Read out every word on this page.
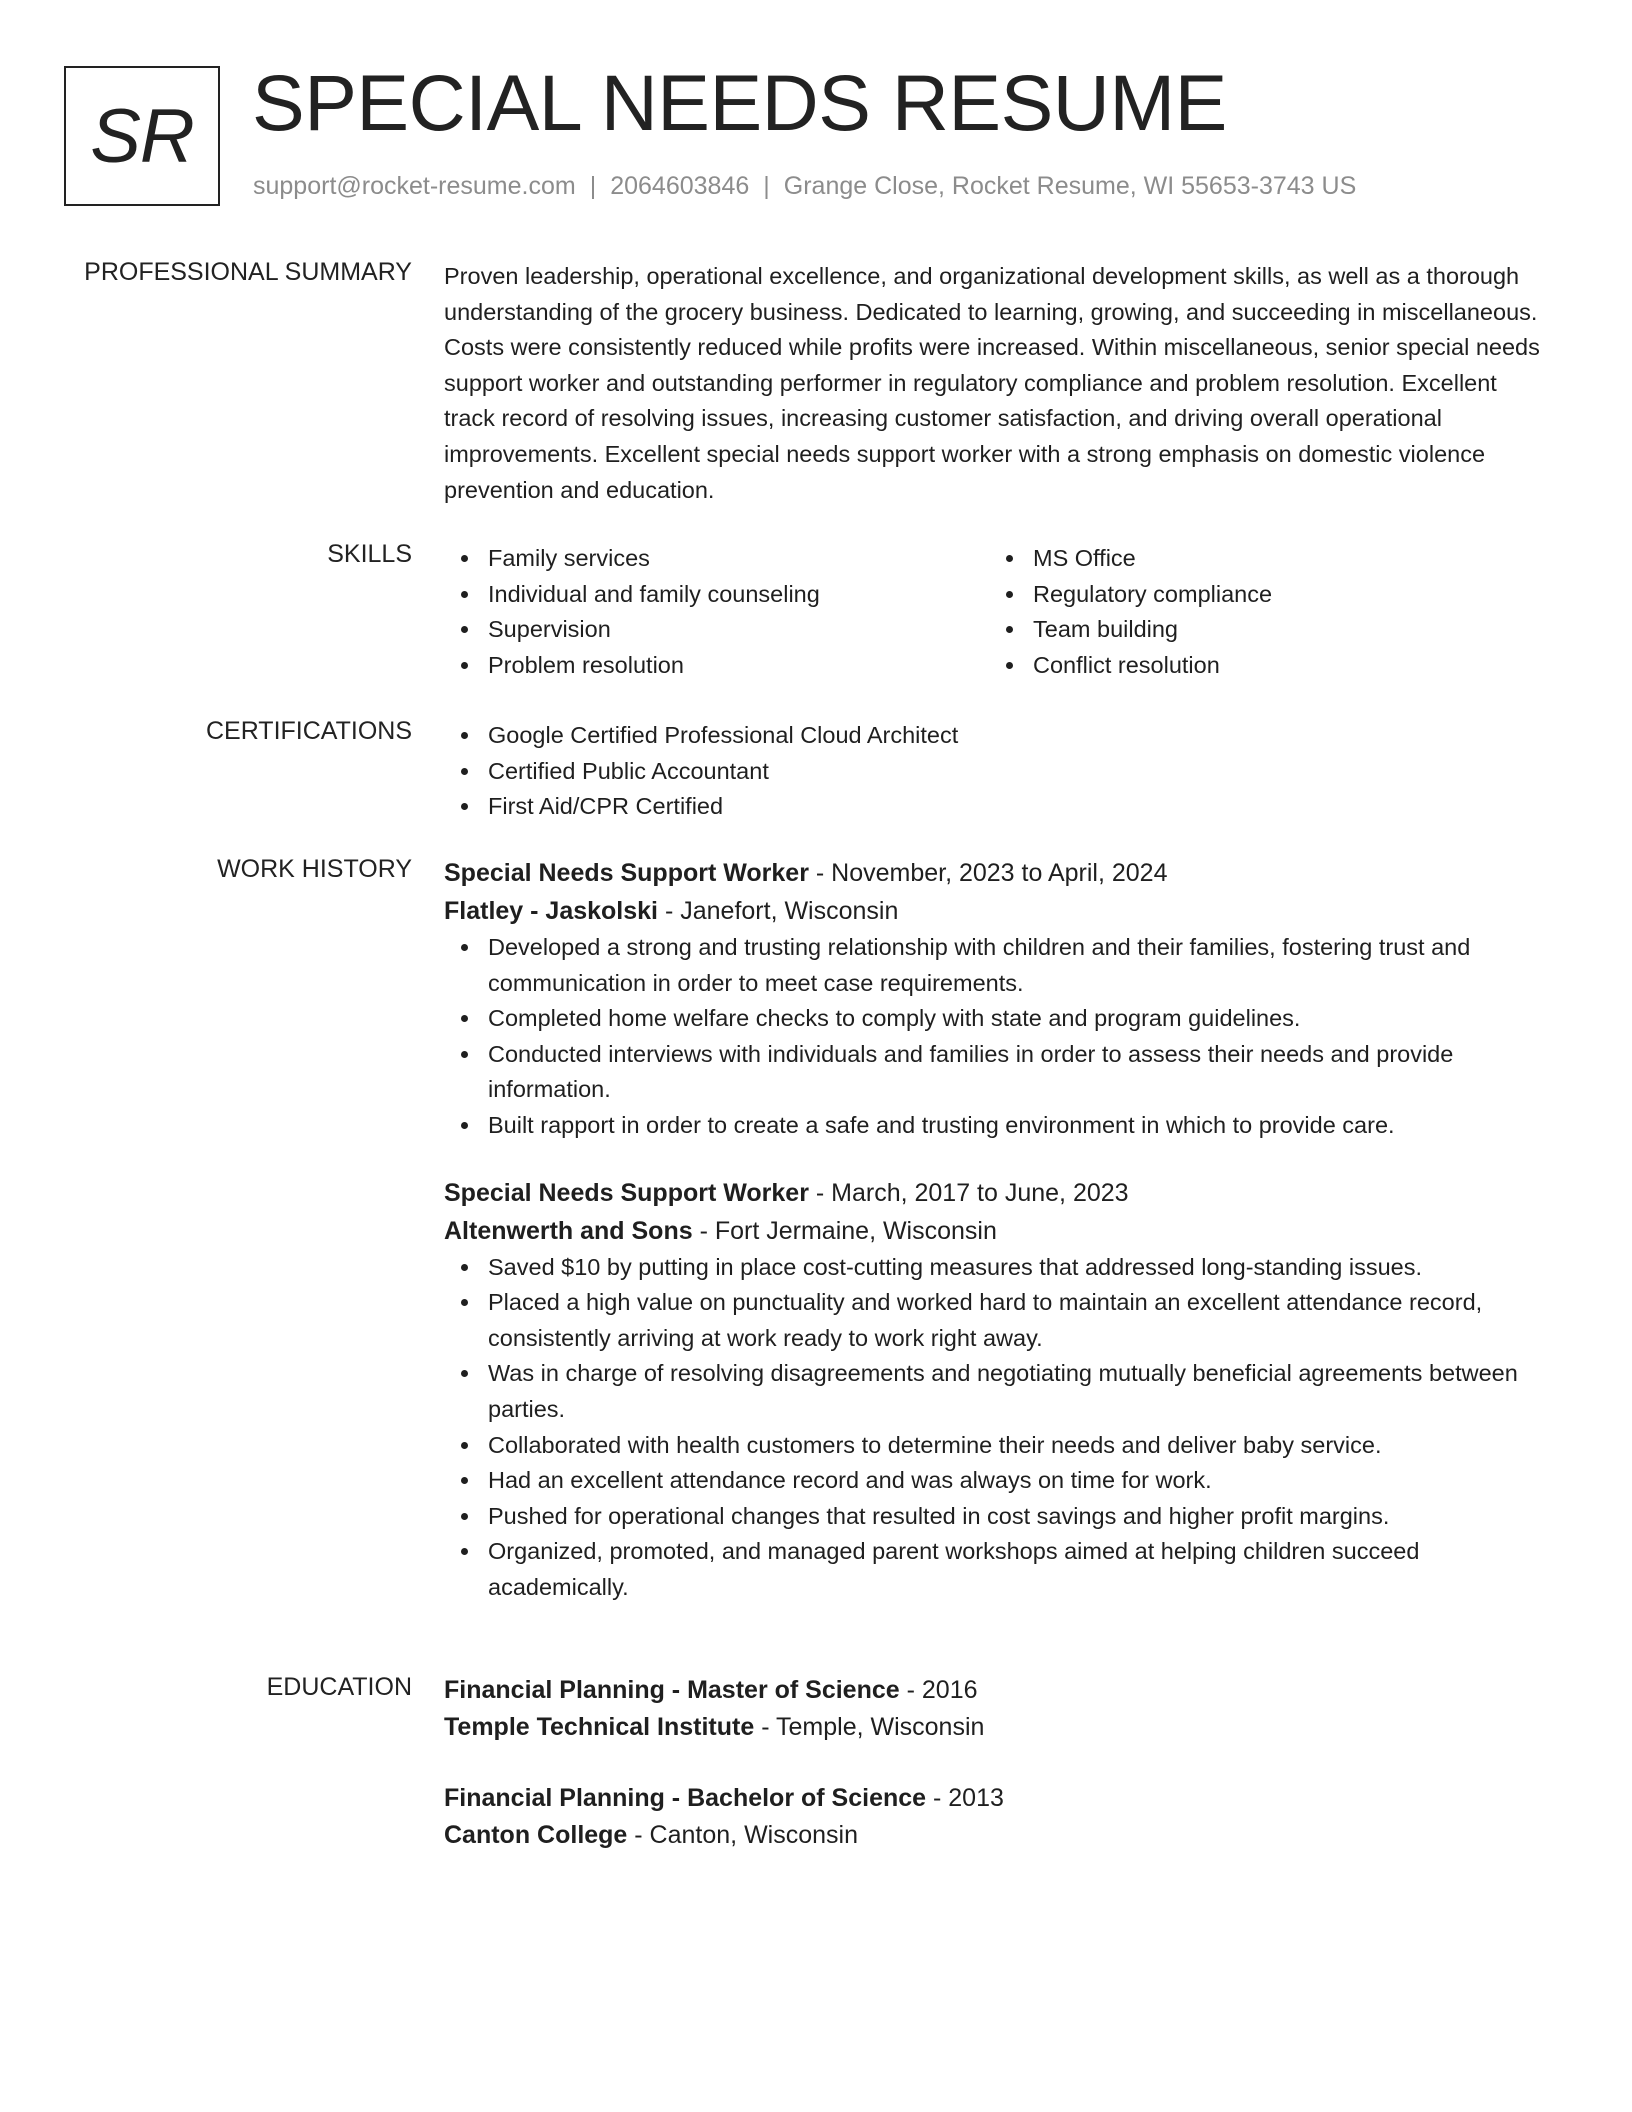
SR SPECIAL NEEDS RESUME
support@rocket-resume.com | 2064603846 | Grange Close, Rocket Resume, WI 55653-3743 US
PROFESSIONAL SUMMARY Proven leadership, operational excellence, and organizational development skills, as well as a thorough understanding of the grocery business. Dedicated to learning, growing, and succeeding in miscellaneous. Costs were consistently reduced while profits were increased. Within miscellaneous, senior special needs support worker and outstanding performer in regulatory compliance and problem resolution. Excellent track record of resolving issues, increasing customer satisfaction, and driving overall operational improvements. Excellent special needs support worker with a strong emphasis on domestic violence prevention and education.

SKILLS	Family services
Individual and family counseling
Supervision
Problem resolution
MS Office
Regulatory compliance
Team building
Conflict resolution
CERTIFICATIONS	Google Certified Professional Cloud Architect
Certified Public Accountant
First Aid/CPR Certified
WORK HISTORY Special Needs Support Worker - November, 2023 to April, 2024
Flatley - Jaskolski - Janefort, Wisconsin
Developed a strong and trusting relationship with children and their families, fostering trust and communication in order to meet case requirements.
Completed home welfare checks to comply with state and program guidelines.
Conducted interviews with individuals and families in order to assess their needs and provide information.
Built rapport in order to create a safe and trusting environment in which to provide care.
Special Needs Support Worker - March, 2017 to June, 2023
Altenwerth and Sons - Fort Jermaine, Wisconsin
Saved $10 by putting in place cost-cutting measures that addressed long-standing issues.
Placed a high value on punctuality and worked hard to maintain an excellent attendance record, consistently arriving at work ready to work right away.
Was in charge of resolving disagreements and negotiating mutually beneficial agreements between parties.
Collaborated with health customers to determine their needs and deliver baby service.
Had an excellent attendance record and was always on time for work.
Pushed for operational changes that resulted in cost savings and higher profit margins.
Organized, promoted, and managed parent workshops aimed at helping children succeed academically.
EDUCATION Financial Planning - Master of Science - 2016
Temple Technical Institute - Temple, Wisconsin
Financial Planning - Bachelor of Science - 2013
Canton College - Canton, Wisconsin
